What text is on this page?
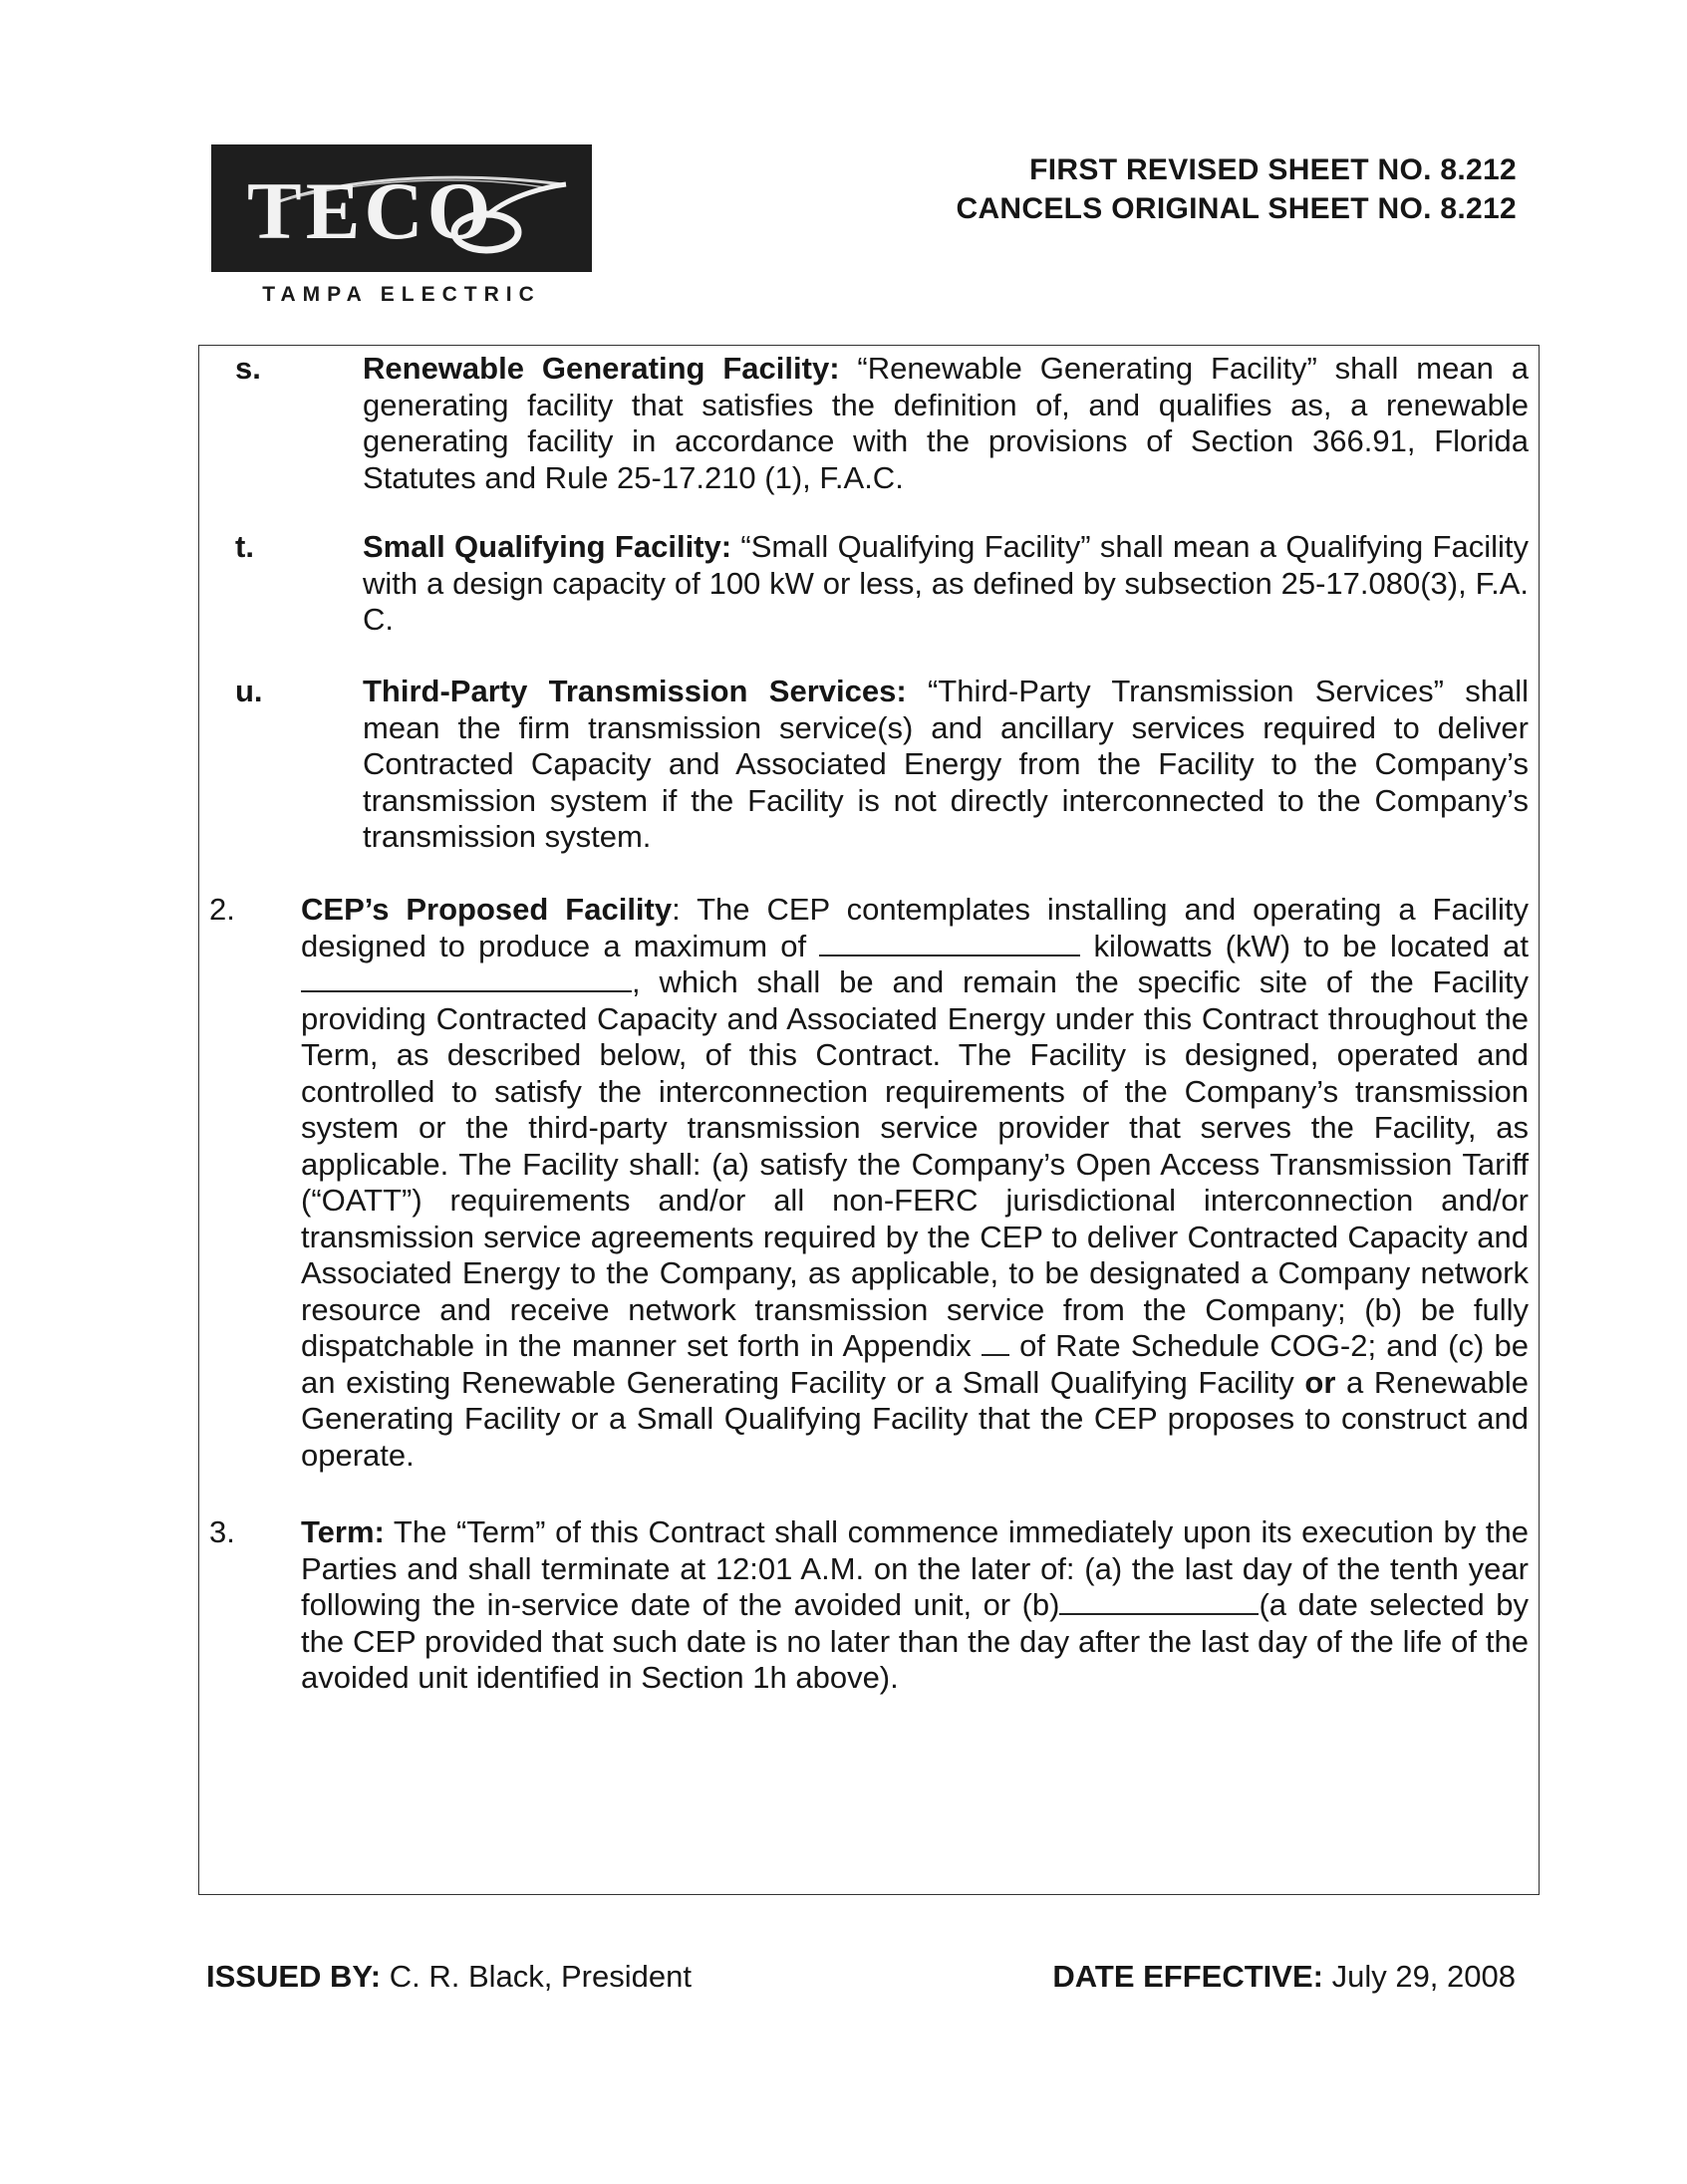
TECO
TAMPA ELECTRIC
FIRST REVISED SHEET NO. 8.212
CANCELS ORIGINAL SHEET NO. 8.212

s.	Renewable Generating Facility: “Renewable Generating Facility” shall mean a generating facility that satisfies the definition of, and qualifies as, a renewable generating facility in accordance with the provisions of Section 366.91, Florida Statutes and Rule 25-17.210 (1), F.A.C.

t.	Small Qualifying Facility: “Small Qualifying Facility” shall mean a Qualifying Facility with a design capacity of 100 kW or less, as defined by subsection 25-17.080(3), F.A. C.

u.	Third-Party Transmission Services: “Third-Party Transmission Services” shall mean the firm transmission service(s) and ancillary services required to deliver Contracted Capacity and Associated Energy from the Facility to the Company’s transmission system if the Facility is not directly interconnected to the Company’s transmission system.

2.	CEP’s Proposed Facility: The CEP contemplates installing and operating a Facility designed to produce a maximum of	kilowatts (kW) to be located at , which shall be and remain the specific site of the Facility providing Contracted Capacity and Associated Energy under this Contract throughout the Term, as described below, of this Contract. The Facility is designed, operated and controlled to satisfy the interconnection requirements of the Company’s transmission system or the third-party transmission service provider that serves the Facility, as applicable. The Facility shall: (a) satisfy the Company’s Open Access Transmission Tariff (“OATT”) requirements and/or all non-FERC jurisdictional interconnection and/or transmission service agreements required by the CEP to deliver Contracted Capacity and Associated Energy to the Company, as applicable, to be designated a Company network resource and receive network transmission service from the Company; (b) be fully dispatchable in the manner set forth in Appendix  of Rate Schedule COG-2; and (c) be an existing Renewable Generating Facility or a Small Qualifying Facility or a Renewable Generating Facility or a Small Qualifying Facility that the CEP proposes to construct and operate.

3.	Term: The “Term” of this Contract shall commence immediately upon its execution by the Parties and shall terminate at 12:01 A.M. on the later of: (a) the last day of the tenth year following the in-service date of the avoided unit, or (b)	(a date selected by the CEP provided that such date is no later than the day after the last day of the life of the avoided unit identified in Section 1h above).

ISSUED BY: C. R. Black, President	DATE EFFECTIVE: July 29, 2008
